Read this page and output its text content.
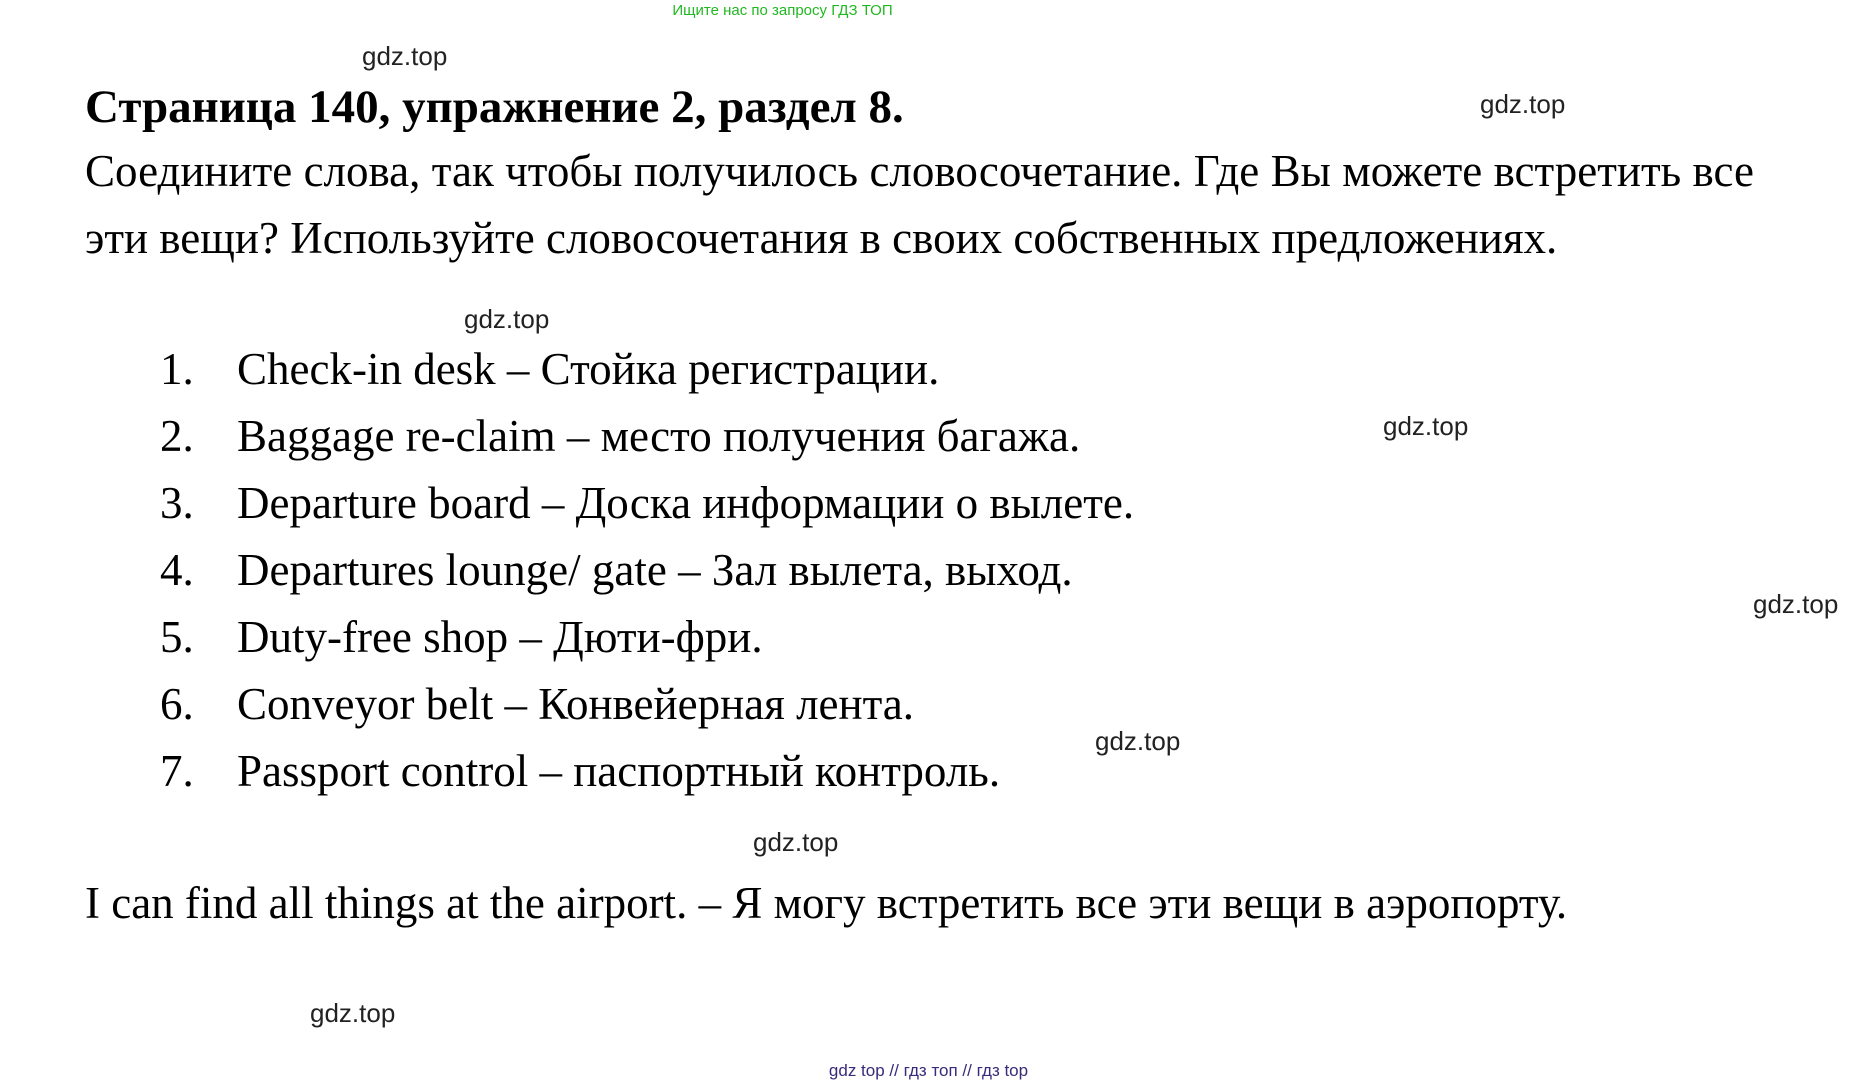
Ищите нас по запросу ГДЗ ТОП
Страница 140, упражнение 2, раздел 8.
Соедините слова, так чтобы получилось словосочетание. Где Вы можете встретить все эти вещи? Используйте словосочетания в своих собственных предложениях.
1. Check-in desk – Стойка регистрации.
2. Baggage re-claim – место получения багажа.
3. Departure board – Доска информации о вылете.
4. Departures lounge/ gate – Зал вылета, выход.
5. Duty-free shop – Дюти-фри.
6. Conveyor belt – Конвейерная лента.
7. Passport control – паспортный контроль.
I can find all things at the airport. – Я могу встретить все эти вещи в аэропорту.
gdz.top
gdz.top
gdz.top
gdz.top
gdz.top
gdz.top
gdz.top
gdz.top
gdz top // гдз топ // гдз top
